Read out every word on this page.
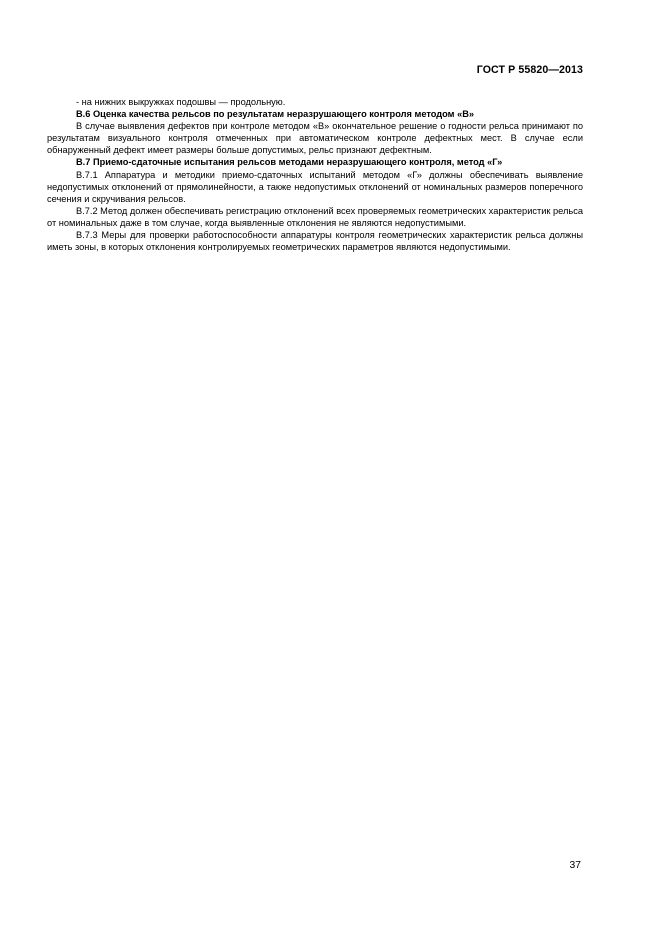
ГОСТ Р 55820—2013

- на нижних выкружках подошвы — продольную.

В.6 Оценка качества рельсов по результатам неразрушающего контроля методом «В»

В случае выявления дефектов при контроле методом «В» окончательное решение о годности рельса принимают по результатам визуального контроля отмеченных при автоматическом контроле дефектных мест. В случае если обнаруженный дефект имеет размеры больше допустимых, рельс признают дефектным.

В.7 Приемо-сдаточные испытания рельсов методами неразрушающего контроля, метод «Г»

В.7.1 Аппаратура и методики приемо-сдаточных испытаний методом «Г» должны обеспечивать выявление недопустимых отклонений от прямолинейности, а также недопустимых отклонений от номинальных размеров поперечного сечения и скручивания рельсов.

В.7.2 Метод должен обеспечивать регистрацию отклонений всех проверяемых геометрических характеристик рельса от номинальных даже в том случае, когда выявленные отклонения не являются недопустимыми.

В.7.3 Меры для проверки работоспособности аппаратуры контроля геометрических характеристик рельса должны иметь зоны, в которых отклонения контролируемых геометрических параметров являются недопустимыми.

37
